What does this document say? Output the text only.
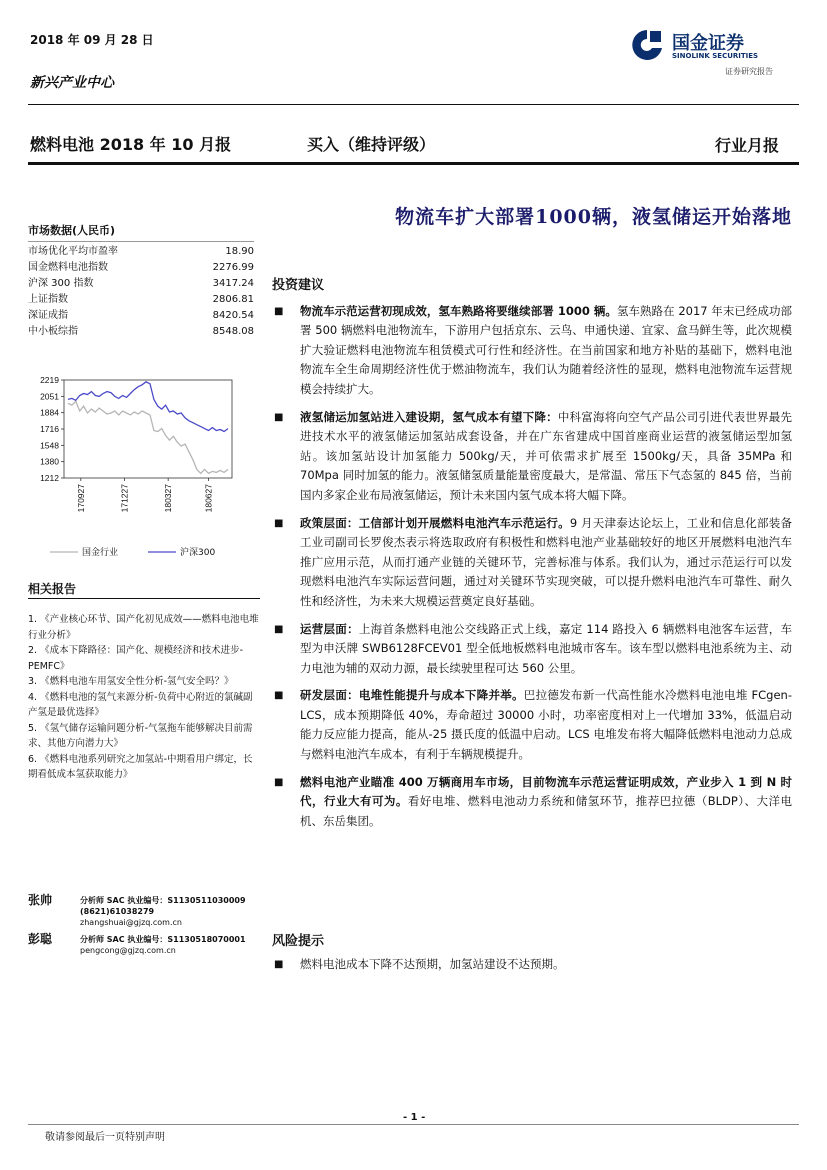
2018 年 09 月 28 日
新兴产业中心
国金证券
SINOLINK SECURITIES
证券研究报告
燃料电池 2018 年 10 月报	买入（维持评级）	行业月报
物流车扩大部署1000辆，液氢储运开始落地
市场数据(人民币)
市场优化平均市盈率	18.90
国金燃料电池指数	2276.99
沪深 300 指数	3417.24
上证指数	2806.81
深证成指	8420.54
中小板综指	8548.08
2219
2051
1884
1716
1548
1380
1212
170927	171227	180327	180627
国金行业	沪深300
相关报告
1. 《产业核心环节、国产化初见成效——燃料电池电堆行业分析》
2. 《成本下降路径：国产化、规模经济和技术进步-PEMFC》
3. 《燃料电池车用氢安全性分析-氢气安全吗？》
4. 《燃料电池的氢气来源分析-负荷中心附近的氯碱副产氢是最优选择》
5. 《氢气储存运输问题分析-气氢拖车能够解决目前需求、其他方向潜力大》
6. 《燃料电池系列研究之加氢站-中期看用户绑定，长期看低成本氢获取能力》
张帅	分析师 SAC 执业编号：S1130511030009
(8621)61038279
zhangshuai@gjzq.com.cn
彭聪	分析师 SAC 执业编号：S1130518070001
pengcong@gjzq.com.cn
投资建议
■ 物流车示范运营初现成效，氢车熟路将要继续部署 1000 辆。氢车熟路在 2017 年末已经成功部署 500 辆燃料电池物流车，下游用户包括京东、云鸟、申通快递、宜家、盒马鲜生等，此次规模扩大验证燃料电池物流车租赁模式可行性和经济性。在当前国家和地方补贴的基础下，燃料电池物流车全生命周期经济性优于燃油物流车，我们认为随着经济性的显现，燃料电池物流车运营规模会持续扩大。
■ 液氢储运加氢站进入建设期，氢气成本有望下降：中科富海将向空气产品公司引进代表世界最先进技术水平的液氢储运加氢站成套设备，并在广东省建成中国首座商业运营的液氢储运型加氢站。该加氢站设计加氢能力 500kg/天，并可依需求扩展至 1500kg/天，具备 35MPa 和 70Mpa 同时加氢的能力。液氢储氢质量能量密度最大，是常温、常压下气态氢的 845 倍，当前国内多家企业布局液氢储运，预计未来国内氢气成本将大幅下降。
■ 政策层面：工信部计划开展燃料电池汽车示范运行。9 月天津泰达论坛上，工业和信息化部装备工业司副司长罗俊杰表示将选取政府有积极性和燃料电池产业基础较好的地区开展燃料电池汽车推广应用示范，从而打通产业链的关键环节，完善标准与体系。我们认为，通过示范运行可以发现燃料电池汽车实际运营问题，通过对关键环节实现突破，可以提升燃料电池汽车可靠性、耐久性和经济性，为未来大规模运营奠定良好基础。
■ 运营层面：上海首条燃料电池公交线路正式上线，嘉定 114 路投入 6 辆燃料电池客车运营，车型为申沃牌 SWB6128FCEV01 型全低地板燃料电池城市客车。该车型以燃料电池系统为主、动力电池为辅的双动力源，最长续驶里程可达 560 公里。
■ 研发层面：电堆性能提升与成本下降并举。巴拉德发布新一代高性能水冷燃料电池电堆 FCgen-LCS，成本预期降低 40%，寿命超过 30000 小时，功率密度相对上一代增加 33%，低温启动能力反应能力提高，能从-25 摄氏度的低温中启动。LCS 电堆发布将大幅降低燃料电池动力总成与燃料电池汽车成本，有利于车辆规模提升。
■ 燃料电池产业瞄准 400 万辆商用车市场，目前物流车示范运营证明成效，产业步入 1 到 N 时代，行业大有可为。看好电堆、燃料电池动力系统和储氢环节，推荐巴拉德（BLDP）、大洋电机、东岳集团。
风险提示
■ 燃料电池成本下降不达预期，加氢站建设不达预期。
- 1 -
敬请参阅最后一页特别声明
